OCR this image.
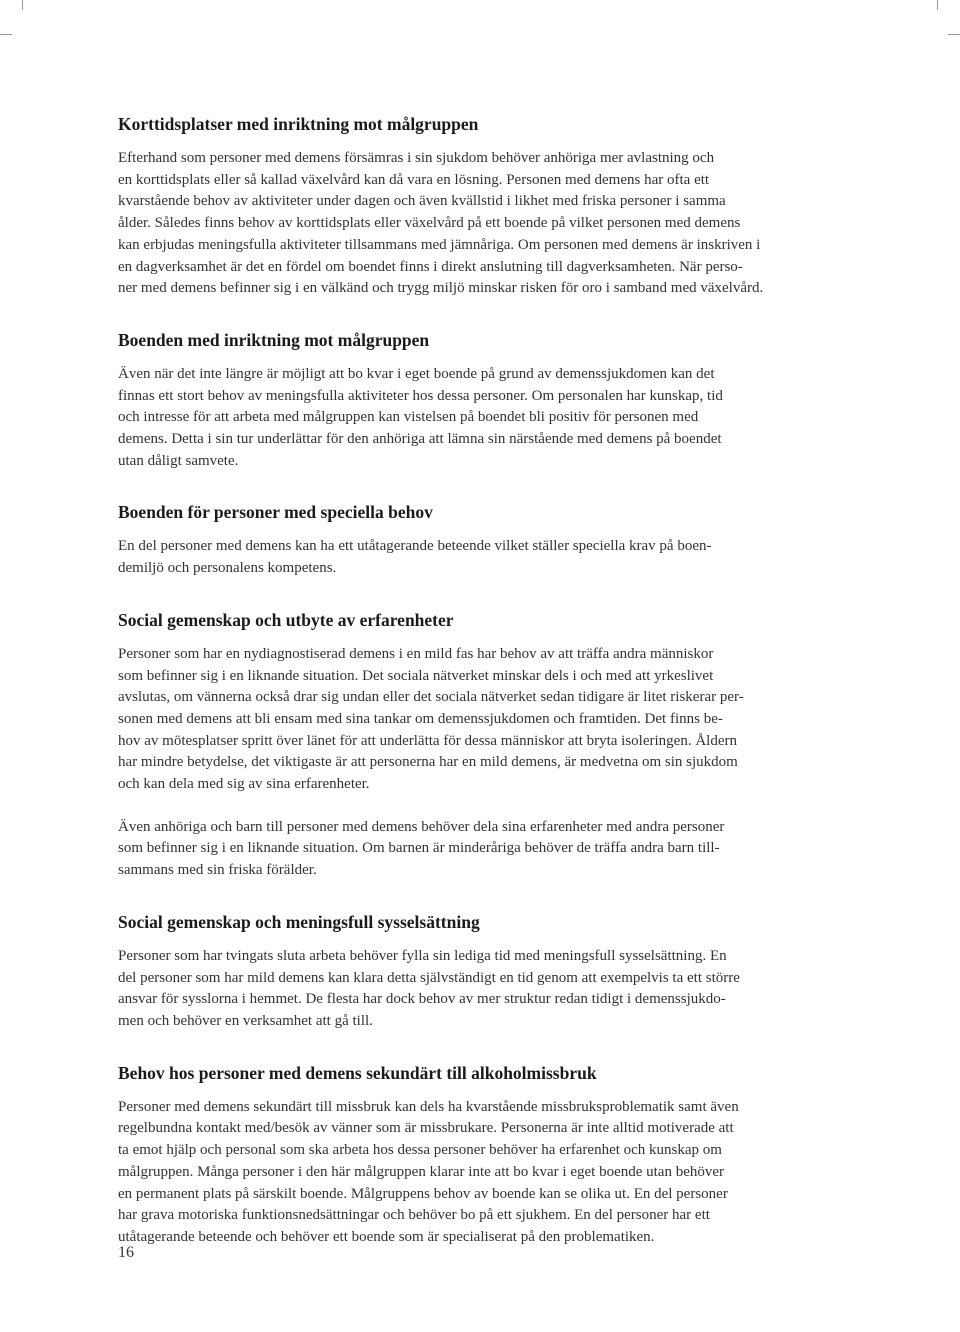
Korttidsplatser med inriktning mot målgruppen

Efterhand som personer med demens försämras i sin sjukdom behöver anhöriga mer avlastning och
en korttidsplats eller så kallad växelvård kan då vara en lösning. Personen med demens har ofta ett
kvarstående behov av aktiviteter under dagen och även kvällstid i likhet med friska personer i samma
ålder. Således finns behov av korttidsplats eller växelvård på ett boende på vilket personen med demens
kan erbjudas meningsfulla aktiviteter tillsammans med jämnåriga. Om personen med demens är inskriven i
en dagverksamhet är det en fördel om boendet finns i direkt anslutning till dagverksamheten. När perso-
ner med demens befinner sig i en välkänd och trygg miljö minskar risken för oro i samband med växelvård.

Boenden med inriktning mot målgruppen

Även när det inte längre är möjligt att bo kvar i eget boende på grund av demenssjukdomen kan det
finnas ett stort behov av meningsfulla aktiviteter hos dessa personer. Om personalen har kunskap, tid
och intresse för att arbeta med målgruppen kan vistelsen på boendet bli positiv för personen med
demens. Detta i sin tur underlättar för den anhöriga att lämna sin närstående med demens på boendet
utan dåligt samvete.

Boenden för personer med speciella behov

En del personer med demens kan ha ett utåtagerande beteende vilket ställer speciella krav på boen-
demiljö och personalens kompetens.

Social gemenskap och utbyte av erfarenheter

Personer som har en nydiagnostiserad demens i en mild fas har behov av att träffa andra människor
som befinner sig i en liknande situation. Det sociala nätverket minskar dels i och med att yrkeslivet
avslutas, om vännerna också drar sig undan eller det sociala nätverket sedan tidigare är litet riskerar per-
sonen med demens att bli ensam med sina tankar om demenssjukdomen och framtiden. Det finns be-
hov av mötesplatser spritt över länet för att underlätta för dessa människor att bryta isoleringen. Åldern
har mindre betydelse, det viktigaste är att personerna har en mild demens, är medvetna om sin sjukdom
och kan dela med sig av sina erfarenheter.

Även anhöriga och barn till personer med demens behöver dela sina erfarenheter med andra personer
som befinner sig i en liknande situation. Om barnen är minderåriga behöver de träffa andra barn till-
sammans med sin friska förälder.

Social gemenskap och meningsfull sysselsättning

Personer som har tvingats sluta arbeta behöver fylla sin lediga tid med meningsfull sysselsättning. En
del personer som har mild demens kan klara detta självständigt en tid genom att exempelvis ta ett större
ansvar för sysslorna i hemmet. De flesta har dock behov av mer struktur redan tidigt i demenssjukdo-
men och behöver en verksamhet att gå till.

Behov hos personer med demens sekundärt till alkoholmissbruk

Personer med demens sekundärt till missbruk kan dels ha kvarstående missbruksproblematik samt även
regelbundna kontakt med/besök av vänner som är missbrukare. Personerna är inte alltid motiverade att
ta emot hjälp och personal som ska arbeta hos dessa personer behöver ha erfarenhet och kunskap om
målgruppen. Många personer i den här målgruppen klarar inte att bo kvar i eget boende utan behöver
en permanent plats på särskilt boende. Målgruppens behov av boende kan se olika ut. En del personer
har grava motoriska funktionsnedsättningar och behöver bo på ett sjukhem. En del personer har ett
utåtagerande beteende och behöver ett boende som är specialiserat på den problematiken.

16
